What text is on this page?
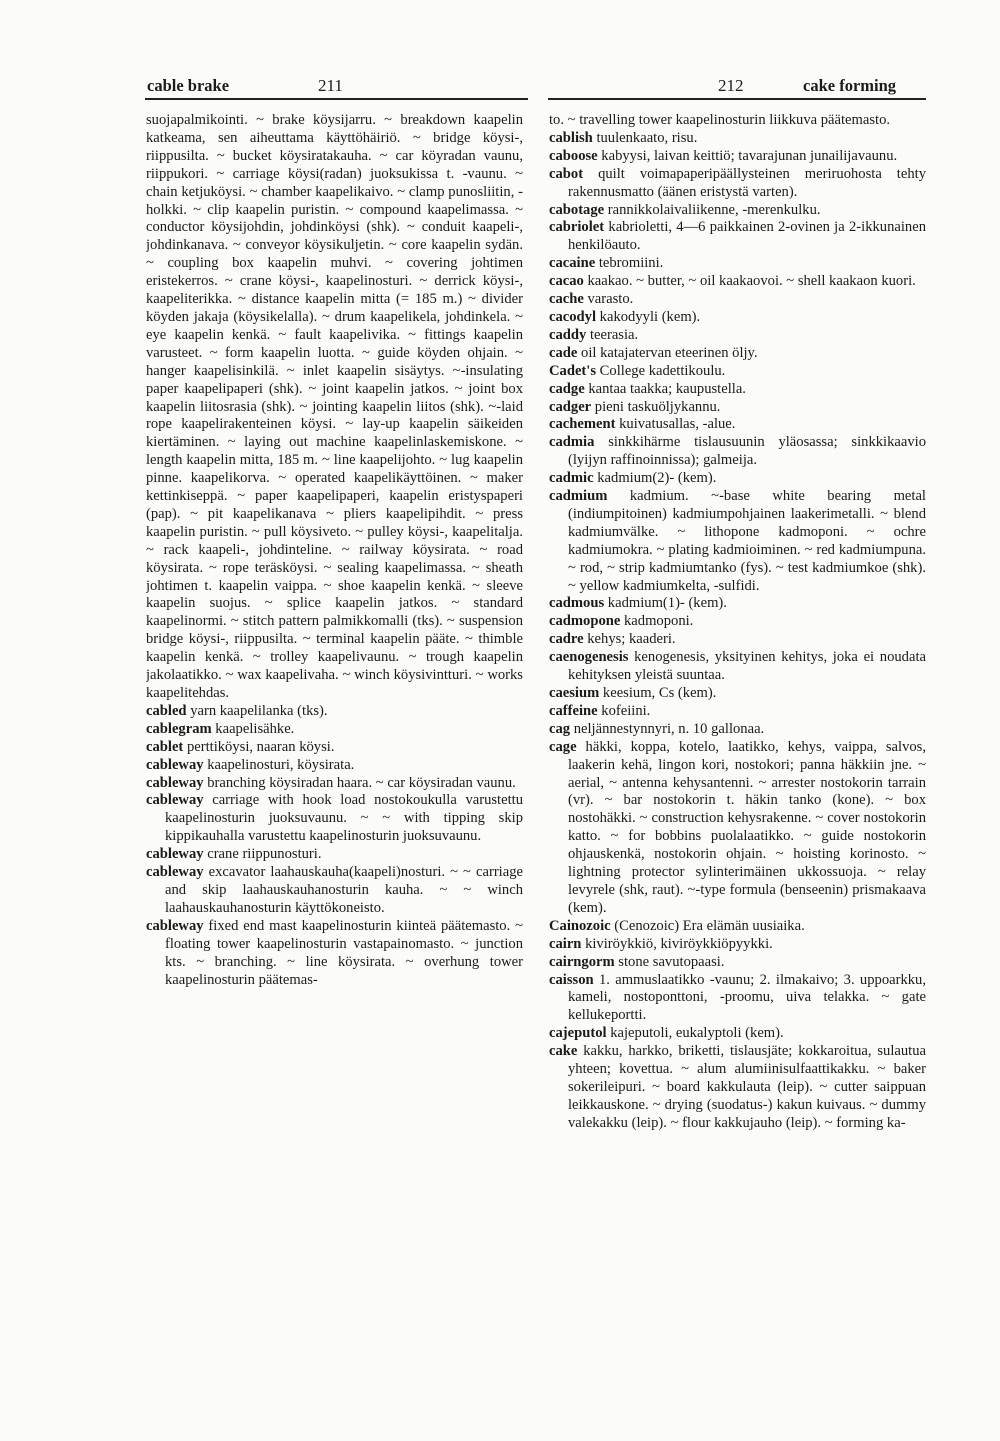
cable brake	211	212	cake forming

suojapalmikointi. ~ brake köysijarru. ~ breakdown kaapelin katkeama, sen aiheuttama käyttöhäiriö. ~ bridge köysi-, riippusilta. ~ bucket köysiratakauha. ~ car köyradan vaunu, riippukori. ~ carriage köysi(radan) juoksukissa t. -vaunu. ~ chain ketjuköysi. ~ chamber kaapelikaivo. ~ clamp punosliitin, -holkki. ~ clip kaapelin puristin. ~ compound kaapelimassa. ~ conductor köysijohdin, johdinköysi (shk). ~ conduit kaapeli-, johdinkanava. ~ conveyor köysikuljetin. ~ core kaapelin sydän. ~ coupling box kaapelin muhvi. ~ covering johtimen eristekerros. ~ crane köysi-, kaapelinosturi. ~ derrick köysi-, kaapeliterikka. ~ distance kaapelin mitta (= 185 m.) ~ divider köyden jakaja (köysikelalla). ~ drum kaapelikela, johdinkela. ~ eye kaapelin kenkä. ~ fault kaapelivika. ~ fittings kaapelin varusteet. ~ form kaapelin luotta. ~ guide köyden ohjain. ~ hanger kaapelisinkilä. ~ inlet kaapelin sisäytys. ~-insulating paper kaapelipaperi (shk). ~ joint kaapelin jatkos. ~ joint box kaapelin liitosrasia (shk). ~ jointing kaapelin liitos (shk). ~-laid rope kaapelirakenteinen köysi. ~ lay-up kaapelin säikeiden kiertäminen. ~ laying out machine kaapelinlaskemiskone. ~ length kaapelin mitta, 185 m. ~ line kaapelijohto. ~ lug kaapelin pinne. kaapelikorva. ~ operated kaapelikäyttöinen. ~ maker kettinkiseppä. ~ paper kaapelipaperi, kaapelin eristyspaperi (pap). ~ pit kaapelikanava ~ pliers kaapelipihdit. ~ press kaapelin puristin. ~ pull köysiveto. ~ pulley köysi-, kaapelitalja. ~ rack kaapeli-, johdinteline. ~ railway köysirata. ~ road köysirata. ~ rope teräsköysi. ~ sealing kaapelimassa. ~ sheath johtimen t. kaapelin vaippa. ~ shoe kaapelin kenkä. ~ sleeve kaapelin suojus. ~ splice kaapelin jatkos. ~ standard kaapelinormi. ~ stitch pattern palmikkomalli (tks). ~ suspension bridge köysi-, riippusilta. ~ terminal kaapelin pääte. ~ thimble kaapelin kenkä. ~ trolley kaapelivaunu. ~ trough kaapelin jakolaatikko. ~ wax kaapelivaha. ~ winch köysivintturi. ~ works kaapelitehdas.

cabled yarn kaapelilanka (tks).

cablegram kaapelisähke.

cablet perttiköysi, naaran köysi.

cableway kaapelinosturi, köysirata.

cableway branching köysiradan haara. ~ car köysiradan vaunu.

cableway carriage with hook load nostokoukulla varustettu kaapelinosturin juoksuvaunu. ~ ~ with tipping skip kippikauhalla varustettu kaapelinosturin juoksuvaunu.

cableway crane riippunosturi.

cableway excavator laahauskauha(kaapeli)nosturi. ~ ~ carriage and skip laahauskauhanosturin kauha. ~ ~ winch laahauskauhanosturin käyttökoneisto.

cableway fixed end mast kaapelinosturin kiinteä päätemasto. ~ floating tower kaapelinosturin vastapainomasto. ~ junction kts. ~ branching. ~ line köysirata. ~ overhung tower kaapelinosturin päätemas-

to. ~ travelling tower kaapelinosturin liikkuva päätemasto.

cablish tuulenkaato, risu.

caboose kabyysi, laivan keittiö; tavarajunan junailijavaunu.

cabot quilt voimapaperipäällysteinen meriruohosta tehty rakennusmatto (äänen eristystä varten).

cabotage rannikkolaivaliikenne, -merenkulku.

cabriolet kabrioletti, 4—6 paikkainen 2-ovinen ja 2-ikkunainen henkilöauto.

cacaine tebromiini.

cacao kaakao. ~ butter, ~ oil kaakaovoi. ~ shell kaakaon kuori.

cache varasto.

cacodyl kakodyyli (kem).

caddy teerasia.

cade oil katajatervan eteerinen öljy.

Cadet's College kadettikoulu.

cadge kantaa taakka; kaupustella.

cadger pieni taskuöljykannu.

cachement kuivatusallas, -alue.

cadmia sinkkihärme tislausuunin yläosassa; sinkkikaavio (lyijyn raffinoinnissa); galmeija.

cadmic kadmium(2)- (kem).

cadmium kadmium. ~-base white bearing metal (indiumpitoinen) kadmiumpohjainen laakerimetalli. ~ blend kadmiumvälke. ~ lithopone kadmoponi. ~ ochre kadmiumokra. ~ plating kadmioiminen. ~ red kadmiumpuna. ~ rod, ~ strip kadmiumtanko (fys). ~ test kadmiumkoe (shk). ~ yellow kadmiumkelta, -sulfidi.

cadmous kadmium(1)- (kem).

cadmopone kadmoponi.

cadre kehys; kaaderi.

caenogenesis kenogenesis, yksityinen kehitys, joka ei noudata kehityksen yleistä suuntaa.

caesium keesium, Cs (kem).

caffeine kofeiini.

cag neljännestynnyri, n. 10 gallonaa.

cage häkki, koppa, kotelo, laatikko, kehys, vaippa, salvos, laakerin kehä, lingon kori, nostokori; panna häkkiin jne. ~ aerial, ~ antenna kehysantenni. ~ arrester nostokorin tarrain (vr). ~ bar nostokorin t. häkin tanko (kone). ~ box nostohäkki. ~ construction kehysrakenne. ~ cover nostokorin katto. ~ for bobbins puolalaatikko. ~ guide nostokorin ohjauskenkä, nostokorin ohjain. ~ hoisting korinosto. ~ lightning protector sylinterimäinen ukkossuoja. ~ relay levyrele (shk, raut). ~-type formula (benseenin) prismakaava (kem).

Cainozoic (Cenozoic) Era elämän uusiaika.

cairn kiviröykkiö, kiviröykkiöpyykki.

cairngorm stone savutopaasi.

caisson 1. ammuslaatikko -vaunu; 2. ilmakaivo; 3. uppoarkku, kameli, nostoponttoni, -proomu, uiva telakka. ~ gate kellukeportti.

cajeputol kajeputoli, eukalyptoli (kem).

cake kakku, harkko, briketti, tislausjäte; kokkaroitua, sulautua yhteen; kovettua. ~ alum alumiinisulfaattikakku. ~ baker sokerileipuri. ~ board kakkulauta (leip). ~ cutter saippuan leikkauskone. ~ drying (suodatus-) kakun kuivaus. ~ dummy valekakku (leip). ~ flour kakkujauho (leip). ~ forming ka-
